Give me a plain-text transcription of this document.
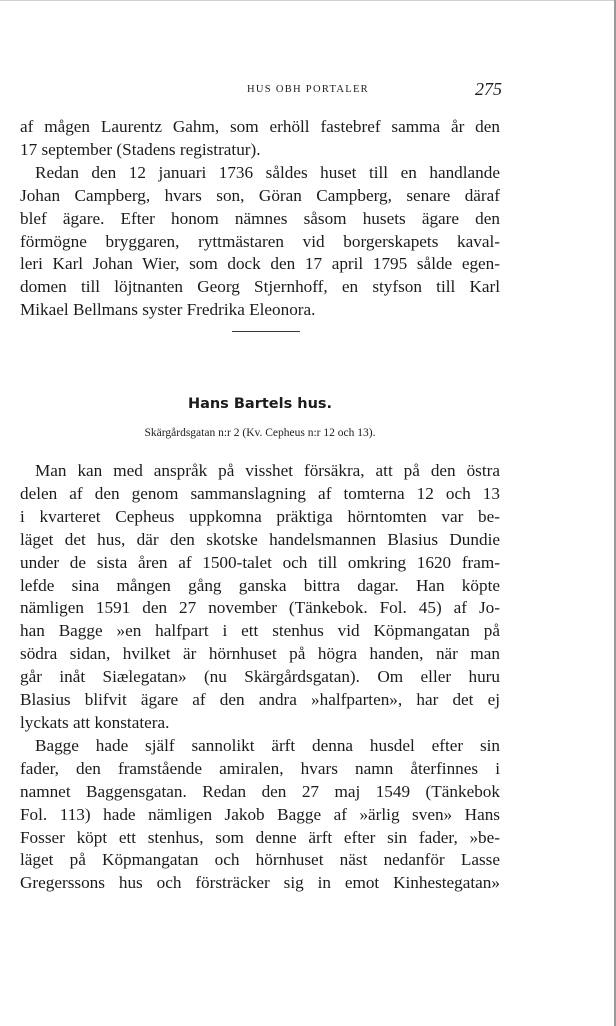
HUS OBH PORTALER	275
af mågen Laurentz Gahm, som erhöll fastebref samma år den
17 september (Stadens registratur).
Redan den 12 januari 1736 såldes huset till en handlande
Johan Campberg, hvars son, Göran Campberg, senare däraf
blef ägare. Efter honom nämnes såsom husets ägare den
förmögne bryggaren, ryttmästaren vid borgerskapets kaval-
leri Karl Johan Wier, som dock den 17 april 1795 sålde egen-
domen till löjtnanten Georg Stjernhoff, en styfson till Karl
Mikael Bellmans syster Fredrika Eleonora.
Hans Bartels hus.
Skärgårdsgatan n:r 2 (Kv. Cepheus n:r 12 och 13).
Man kan med anspråk på visshet försäkra, att på den östra
delen af den genom sammanslagning af tomterna 12 och 13
i kvarteret Cepheus uppkomna präktiga hörntomten var be-
läget det hus, där den skotske handelsmannen Blasius Dundie
under de sista åren af 1500-talet och till omkring 1620 fram-
lefde sina mången gång ganska bittra dagar. Han köpte
nämligen 1591 den 27 november (Tänkebok. Fol. 45) af Jo-
han Bagge »en halfpart i ett stenhus vid Köpmangatan på
södra sidan, hvilket är hörnhuset på högra handen, när man
går inåt Siælegatan» (nu Skärgårdsgatan). Om eller huru
Blasius blifvit ägare af den andra »halfparten», har det ej
lyckats att konstatera.
Bagge hade själf sannolikt ärft denna husdel efter sin
fader, den framstående amiralen, hvars namn återfinnes i
namnet Baggensgatan. Redan den 27 maj 1549 (Tänkebok
Fol. 113) hade nämligen Jakob Bagge af »ärlig sven» Hans
Fosser köpt ett stenhus, som denne ärft efter sin fader, »be-
läget på Köpmangatan och hörnhuset näst nedanför Lasse
Gregerssons hus och försträcker sig in emot Kinhestegatan»
